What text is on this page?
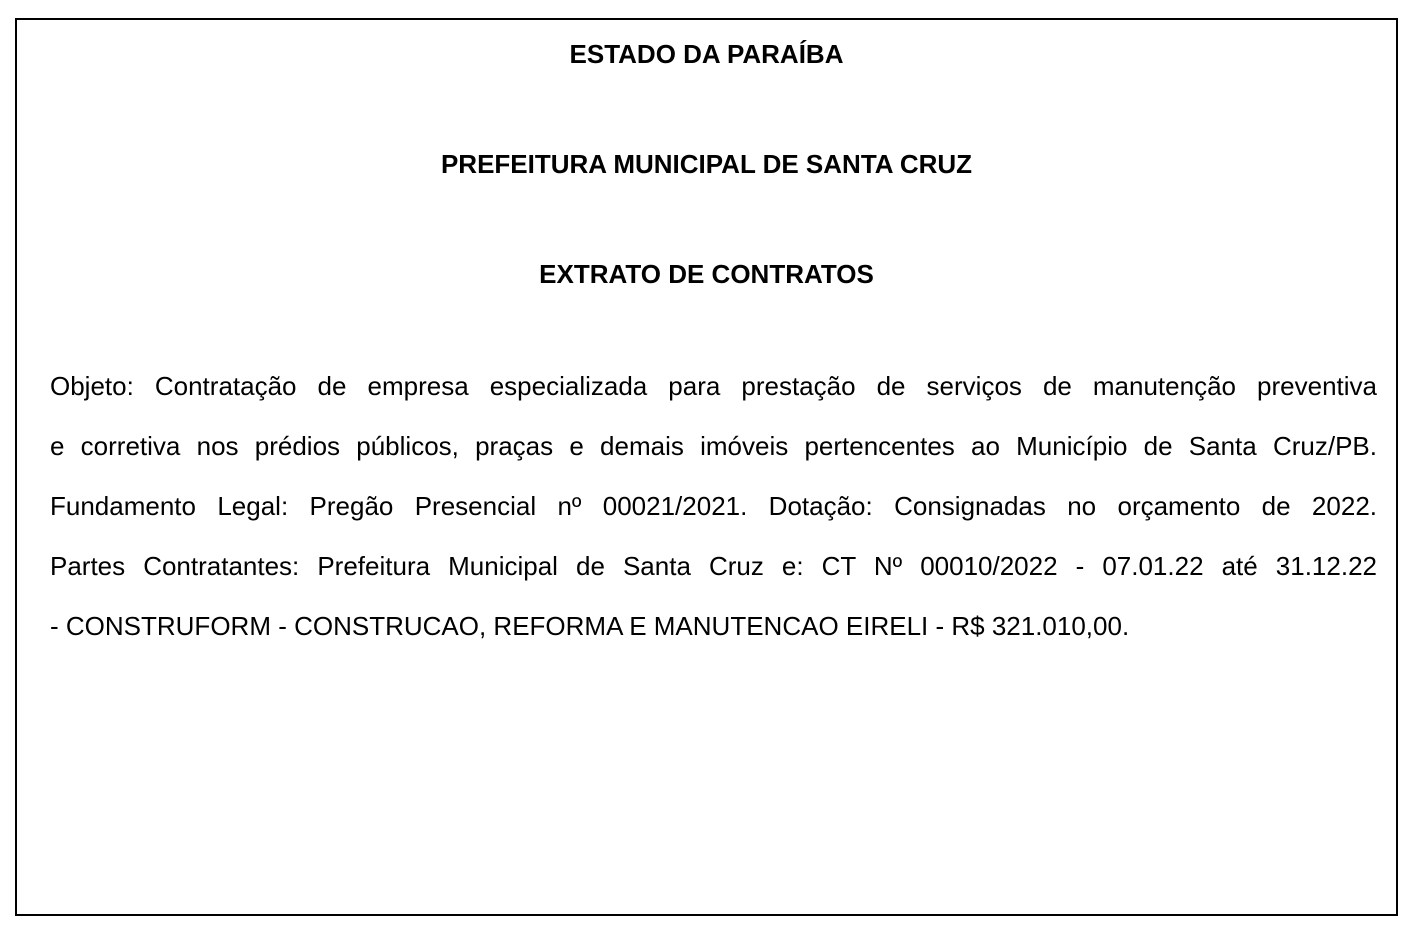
ESTADO DA PARAÍBA
PREFEITURA MUNICIPAL DE SANTA CRUZ
EXTRATO DE CONTRATOS
Objeto: Contratação de empresa especializada para prestação de serviços de manutenção preventiva
e corretiva nos prédios públicos, praças e demais imóveis pertencentes ao Município de Santa Cruz/PB.
Fundamento Legal: Pregão Presencial nº 00021/2021. Dotação: Consignadas no orçamento de 2022.
Partes Contratantes: Prefeitura Municipal de Santa Cruz e: CT Nº 00010/2022 - 07.01.22 até 31.12.22
- CONSTRUFORM - CONSTRUCAO, REFORMA E MANUTENCAO EIRELI - R$ 321.010,00.
